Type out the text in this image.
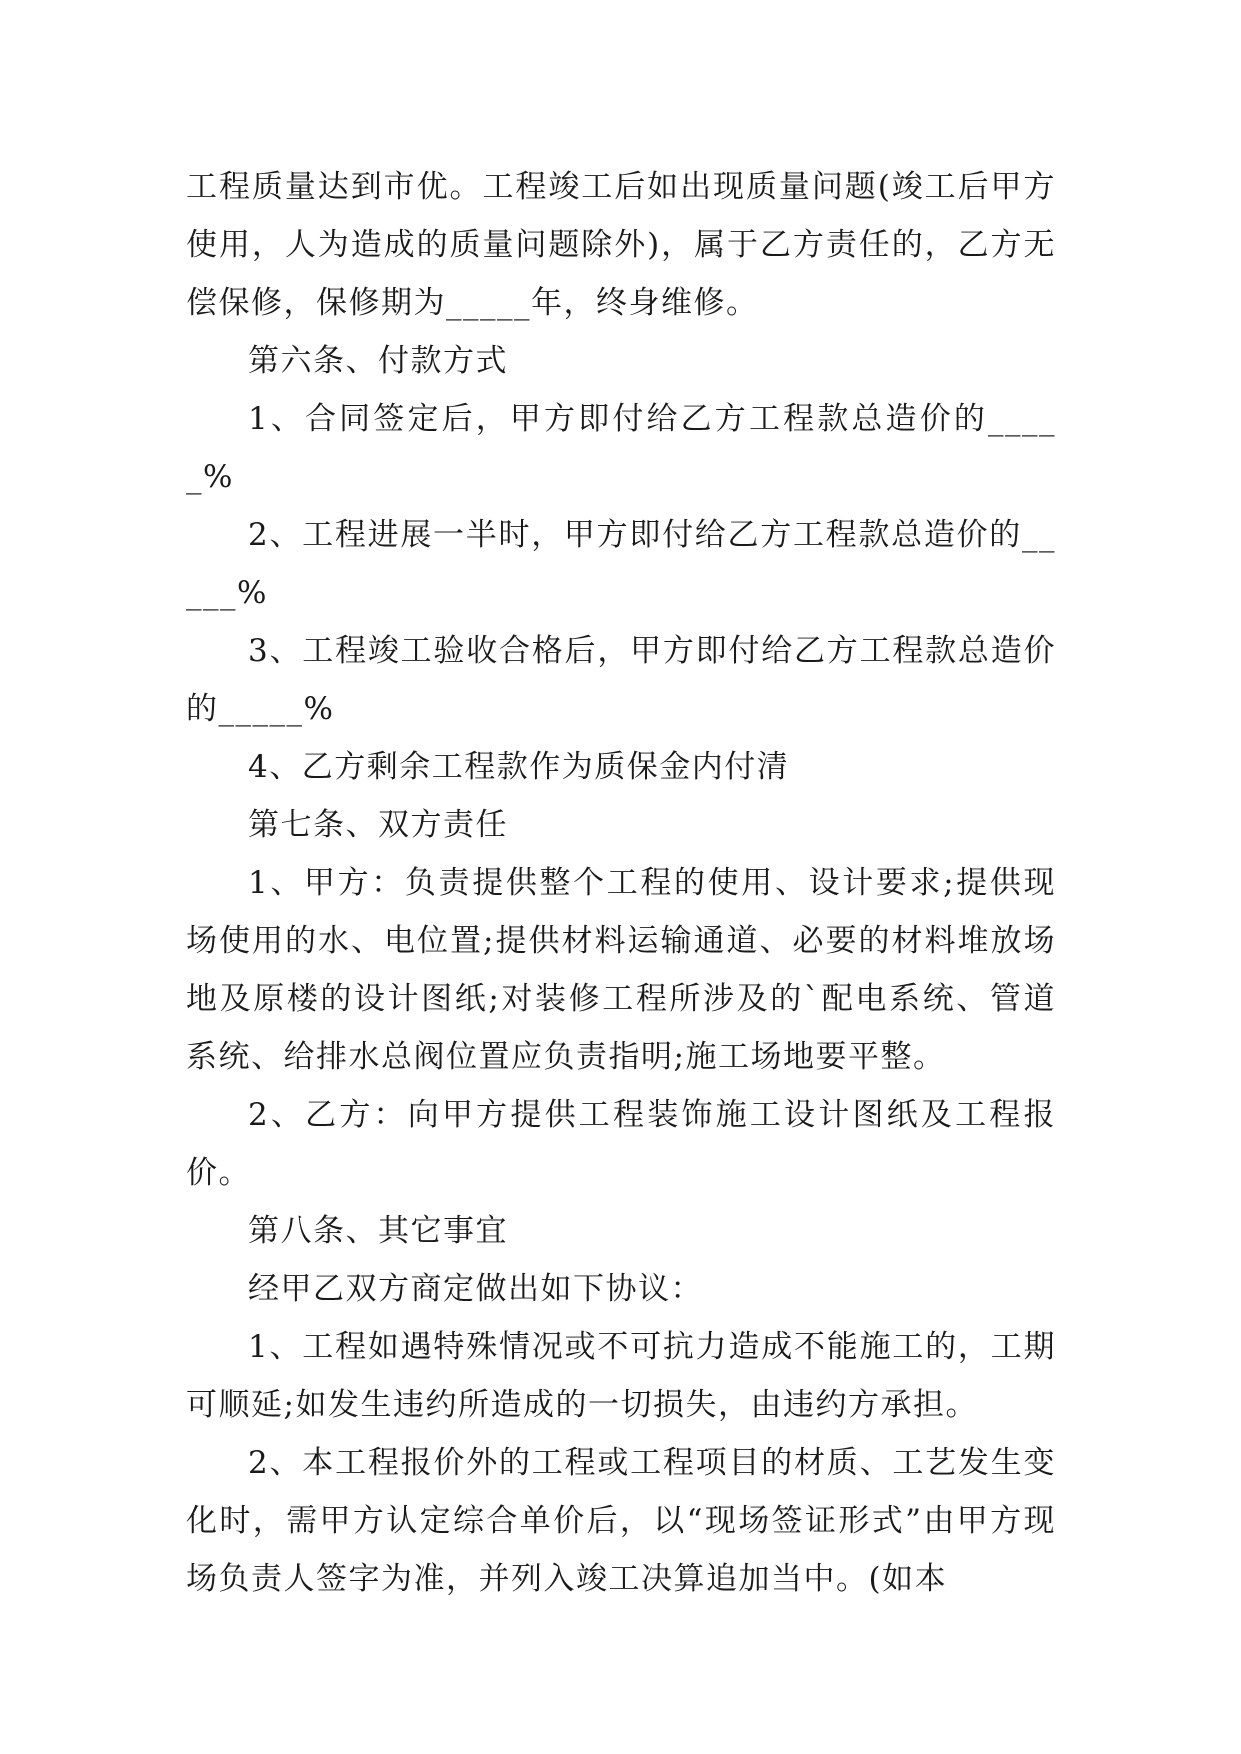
工程质量达到市优。工程竣工后如出现质量问题(竣工后甲方使用，人为造成的质量问题除外)，属于乙方责任的，乙方无偿保修，保修期为_____年，终身维修。

第六条、付款方式

1、合同签定后，甲方即付给乙方工程款总造价的_____%

2、工程进展一半时，甲方即付给乙方工程款总造价的_____%

3、工程竣工验收合格后，甲方即付给乙方工程款总造价的_____%

4、乙方剩余工程款作为质保金内付清

第七条、双方责任

1、甲方：负责提供整个工程的使用、设计要求;提供现场使用的水、电位置;提供材料运输通道、必要的材料堆放场地及原楼的设计图纸;对装修工程所涉及的`配电系统、管道系统、给排水总阀位置应负责指明;施工场地要平整。

2、乙方：向甲方提供工程装饰施工设计图纸及工程报价。

第八条、其它事宜

经甲乙双方商定做出如下协议：

1、工程如遇特殊情况或不可抗力造成不能施工的，工期可顺延;如发生违约所造成的一切损失，由违约方承担。

2、本工程报价外的工程或工程项目的材质、工艺发生变化时，需甲方认定综合单价后，以“现场签证形式”由甲方现场负责人签字为准，并列入竣工决算追加当中。(如本
